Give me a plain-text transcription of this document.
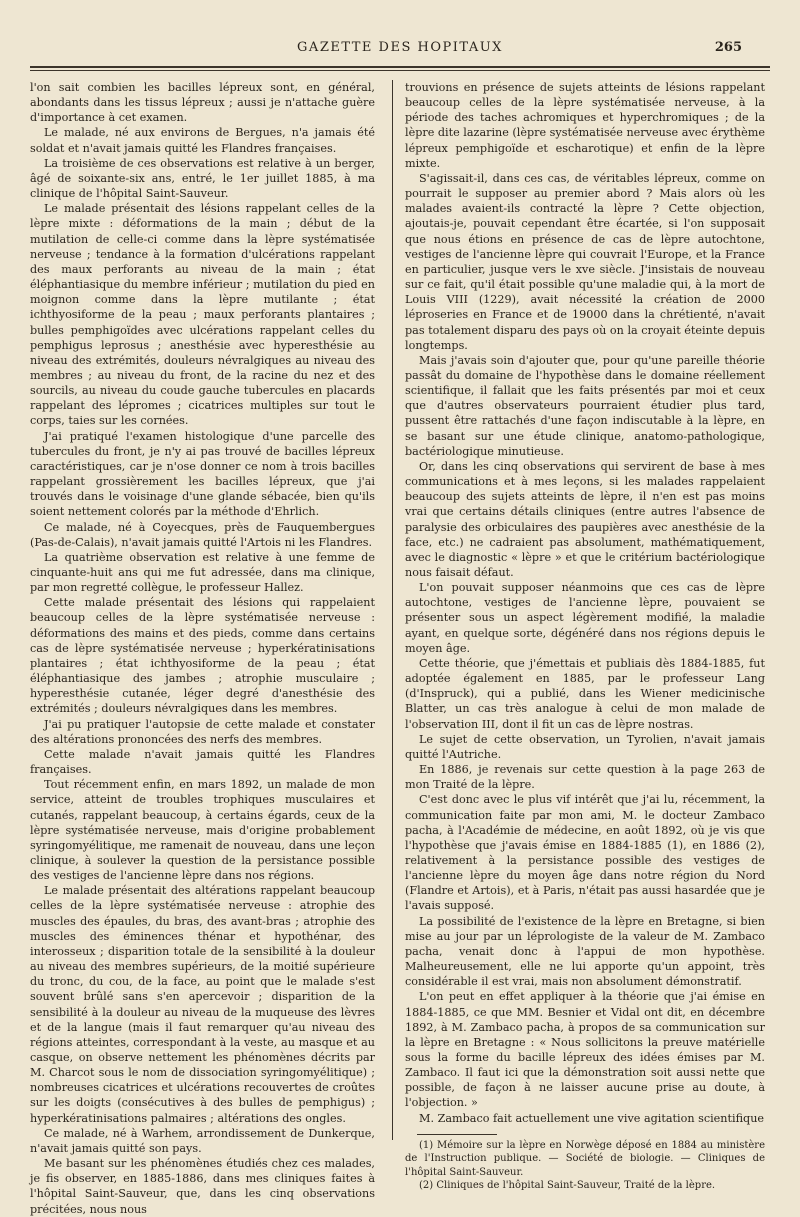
GAZETTE DES HOPITAUX	265

l'on sait combien les bacilles lépreux sont, en général, abondants dans les tissus lépreux ; aussi je n'attache guère d'importance à cet examen.

Le malade, né aux environs de Bergues, n'a jamais été soldat et n'avait jamais quitté les Flandres françaises.

La troisième de ces observations est relative à un berger, âgé de soixante-six ans, entré, le 1er juillet 1885, à ma clinique de l'hôpital Saint-Sauveur.

Le malade présentait des lésions rappelant celles de la lèpre mixte : déformations de la main ; début de la mutilation de celle-ci comme dans la lèpre systématisée nerveuse ; tendance à la formation d'ulcérations rappelant des maux perforants au niveau de la main ; état éléphantiasique du membre inférieur ; mutilation du pied en moignon comme dans la lèpre mutilante ; état ichthyosiforme de la peau ; maux perforants plantaires ; bulles pemphigoïdes avec ulcérations rappelant celles du pemphigus leprosus ; anesthésie avec hyperesthésie au niveau des extrémités, douleurs névralgiques au niveau des membres ; au niveau du front, de la racine du nez et des sourcils, au niveau du coude gauche tubercules en placards rappelant des lépromes ; cicatrices multiples sur tout le corps, taies sur les cornées.

J'ai pratiqué l'examen histologique d'une parcelle des tubercules du front, je n'y ai pas trouvé de bacilles lépreux caractéristiques, car je n'ose donner ce nom à trois bacilles rappelant grossièrement les bacilles lépreux, que j'ai trouvés dans le voisinage d'une glande sébacée, bien qu'ils soient nettement colorés par la méthode d'Ehrlich.

Ce malade, né à Coyecques, près de Fauquembergues (Pas-de-Calais), n'avait jamais quitté l'Artois ni les Flandres.

La quatrième observation est relative à une femme de cinquante-huit ans qui me fut adressée, dans ma clinique, par mon regretté collègue, le professeur Hallez.

Cette malade présentait des lésions qui rappelaient beaucoup celles de la lèpre systématisée nerveuse : déformations des mains et des pieds, comme dans certains cas de lèpre systématisée nerveuse ; hyperkératinisations plantaires ; état ichthyosiforme de la peau ; état éléphantiasique des jambes ; atrophie musculaire ; hyperesthésie cutanée, léger degré d'anesthésie des extrémités ; douleurs névralgiques dans les membres.

J'ai pu pratiquer l'autopsie de cette malade et constater des altérations prononcées des nerfs des membres.

Cette malade n'avait jamais quitté les Flandres françaises.

Tout récemment enfin, en mars 1892, un malade de mon service, atteint de troubles trophiques musculaires et cutanés, rappelant beaucoup, à certains égards, ceux de la lèpre systématisée nerveuse, mais d'origine probablement syringomyélitique, me ramenait de nouveau, dans une leçon clinique, à soulever la question de la persistance possible des vestiges de l'ancienne lèpre dans nos régions.

Le malade présentait des altérations rappelant beaucoup celles de la lèpre systématisée nerveuse : atrophie des muscles des épaules, du bras, des avant-bras ; atrophie des muscles des éminences thénar et hypothénar, des interosseux ; disparition totale de la sensibilité à la douleur au niveau des membres supérieurs, de la moitié supérieure du tronc, du cou, de la face, au point que le malade s'est souvent brûlé sans s'en apercevoir ; disparition de la sensibilité à la douleur au niveau de la muqueuse des lèvres et de la langue (mais il faut remarquer qu'au niveau des régions atteintes, correspondant à la veste, au masque et au casque, on observe nettement les phénomènes décrits par M. Charcot sous le nom de dissociation syringomyélitique) ; nombreuses cicatrices et ulcérations recouvertes de croûtes sur les doigts (consécutives à des bulles de pemphigus) ; hyperkératinisations palmaires ; altérations des ongles.

Ce malade, né à Warhem, arrondissement de Dunkerque, n'avait jamais quitté son pays.

Me basant sur les phénomènes étudiés chez ces malades, je fis observer, en 1885-1886, dans mes cliniques faites à l'hôpital Saint-Sauveur, que, dans les cinq observations précitées, nous nous

trouvions en présence de sujets atteints de lésions rappelant beaucoup celles de la lèpre systématisée nerveuse, à la période des taches achromiques et hyperchromiques ; de la lèpre dite lazarine (lèpre systématisée nerveuse avec érythème lépreux pemphigoïde et escharotique) et enfin de la lèpre mixte.

S'agissait-il, dans ces cas, de véritables lépreux, comme on pourrait le supposer au premier abord ? Mais alors où les malades avaient-ils contracté la lèpre ? Cette objection, ajoutais-je, pouvait cependant être écartée, si l'on supposait que nous étions en présence de cas de lèpre autochtone, vestiges de l'ancienne lèpre qui couvrait l'Europe, et la France en particulier, jusque vers le xve siècle. J'insistais de nouveau sur ce fait, qu'il était possible qu'une maladie qui, à la mort de Louis VIII (1229), avait nécessité la création de 2000 léproseries en France et de 19000 dans la chrétienté, n'avait pas totalement disparu des pays où on la croyait éteinte depuis longtemps.

Mais j'avais soin d'ajouter que, pour qu'une pareille théorie passât du domaine de l'hypothèse dans le domaine réellement scientifique, il fallait que les faits présentés par moi et ceux que d'autres observateurs pourraient étudier plus tard, pussent être rattachés d'une façon indiscutable à la lèpre, en se basant sur une étude clinique, anatomo-pathologique, bactériologique minutieuse.

Or, dans les cinq observations qui servirent de base à mes communications et à mes leçons, si les malades rappelaient beaucoup des sujets atteints de lèpre, il n'en est pas moins vrai que certains détails cliniques (entre autres l'absence de paralysie des orbiculaires des paupières avec anesthésie de la face, etc.) ne cadraient pas absolument, mathématiquement, avec le diagnostic « lèpre » et que le critérium bactériologique nous faisait défaut.

L'on pouvait supposer néanmoins que ces cas de lèpre autochtone, vestiges de l'ancienne lèpre, pouvaient se présenter sous un aspect légèrement modifié, la maladie ayant, en quelque sorte, dégénéré dans nos régions depuis le moyen âge.

Cette théorie, que j'émettais et publiais dès 1884-1885, fut adoptée également en 1885, par le professeur Lang (d'Inspruck), qui a publié, dans les Wiener medicinische Blatter, un cas très analogue à celui de mon malade de l'observation III, dont il fit un cas de lèpre nostras.

Le sujet de cette observation, un Tyrolien, n'avait jamais quitté l'Autriche.

En 1886, je revenais sur cette question à la page 263 de mon Traité de la lèpre.

C'est donc avec le plus vif intérêt que j'ai lu, récemment, la communication faite par mon ami, M. le docteur Zambaco pacha, à l'Académie de médecine, en août 1892, où je vis que l'hypothèse que j'avais émise en 1884-1885 (1), en 1886 (2), relativement à la persistance possible des vestiges de l'ancienne lèpre du moyen âge dans notre région du Nord (Flandre et Artois), et à Paris, n'était pas aussi hasardée que je l'avais supposé.

La possibilité de l'existence de la lèpre en Bretagne, si bien mise au jour par un léprologiste de la valeur de M. Zambaco pacha, venait donc à l'appui de mon hypothèse. Malheureusement, elle ne lui apporte qu'un appoint, très considérable il est vrai, mais non absolument démonstratif.

L'on peut en effet appliquer à la théorie que j'ai émise en 1884-1885, ce que MM. Besnier et Vidal ont dit, en décembre 1892, à M. Zambaco pacha, à propos de sa communication sur la lèpre en Bretagne : « Nous sollicitons la preuve matérielle sous la forme du bacille lépreux des idées émises par M. Zambaco. Il faut ici que la démonstration soit aussi nette que possible, de façon à ne laisser aucune prise au doute, à l'objection. »

M. Zambaco fait actuellement une vive agitation scientifique

(1) Mémoire sur la lèpre en Norwège déposé en 1884 au ministère de l'Instruction publique. — Société de biologie. — Cliniques de l'hôpital Saint-Sauveur.

(2) Cliniques de l'hôpital Saint-Sauveur, Traité de la lèpre.
